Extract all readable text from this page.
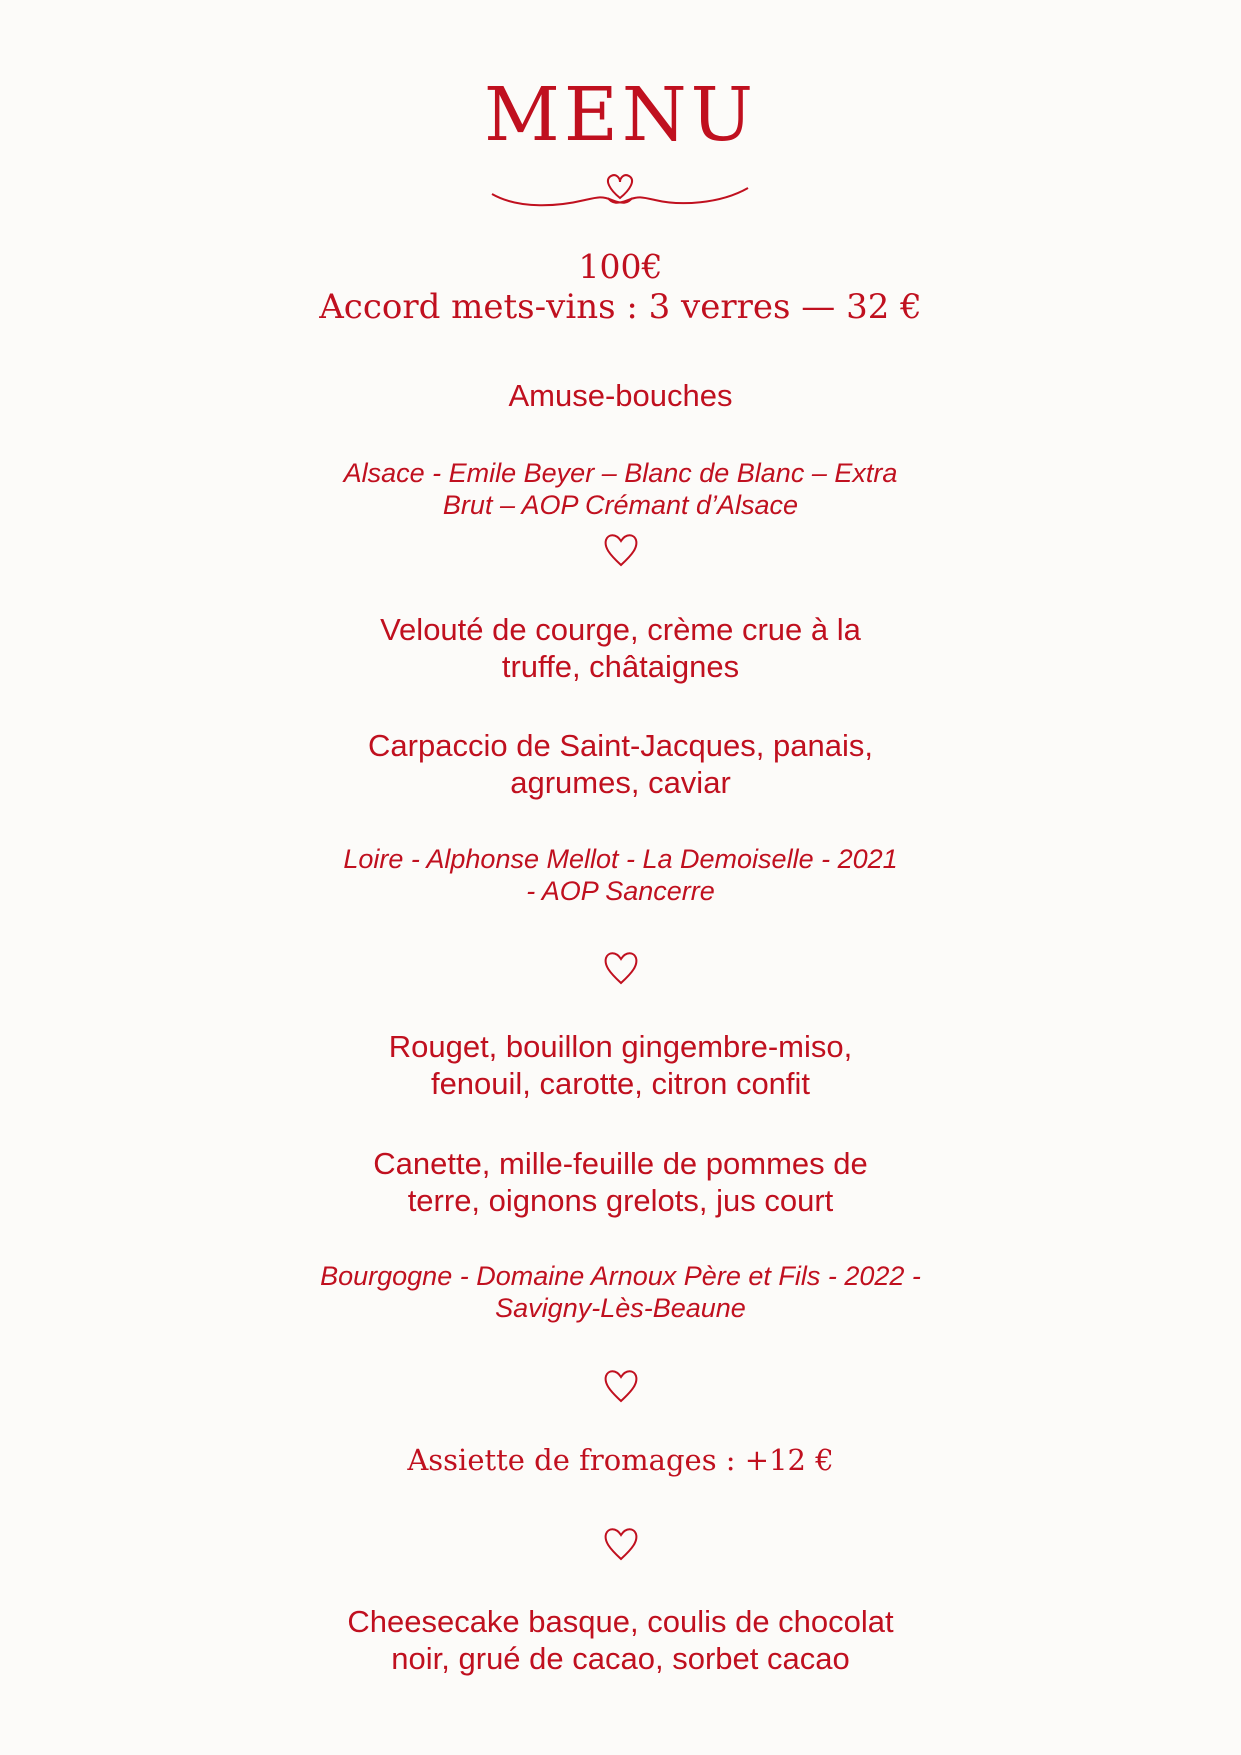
MENU
100€
Accord mets-vins : 3 verres — 32 €
Amuse-bouches
Alsace - Emile Beyer – Blanc de Blanc – Extra
Brut – AOP Crémant d’Alsace
Velouté de courge, crème crue à la
truffe, châtaignes
Carpaccio de Saint-Jacques, panais,
agrumes, caviar
Loire - Alphonse Mellot - La Demoiselle - 2021
- AOP Sancerre
Rouget, bouillon gingembre-miso,
fenouil, carotte, citron confit
Canette, mille-feuille de pommes de
terre, oignons grelots, jus court
Bourgogne - Domaine Arnoux Père et Fils - 2022 -
Savigny-Lès-Beaune
Assiette de fromages : +12 €
Cheesecake basque, coulis de chocolat
noir, grué de cacao, sorbet cacao
